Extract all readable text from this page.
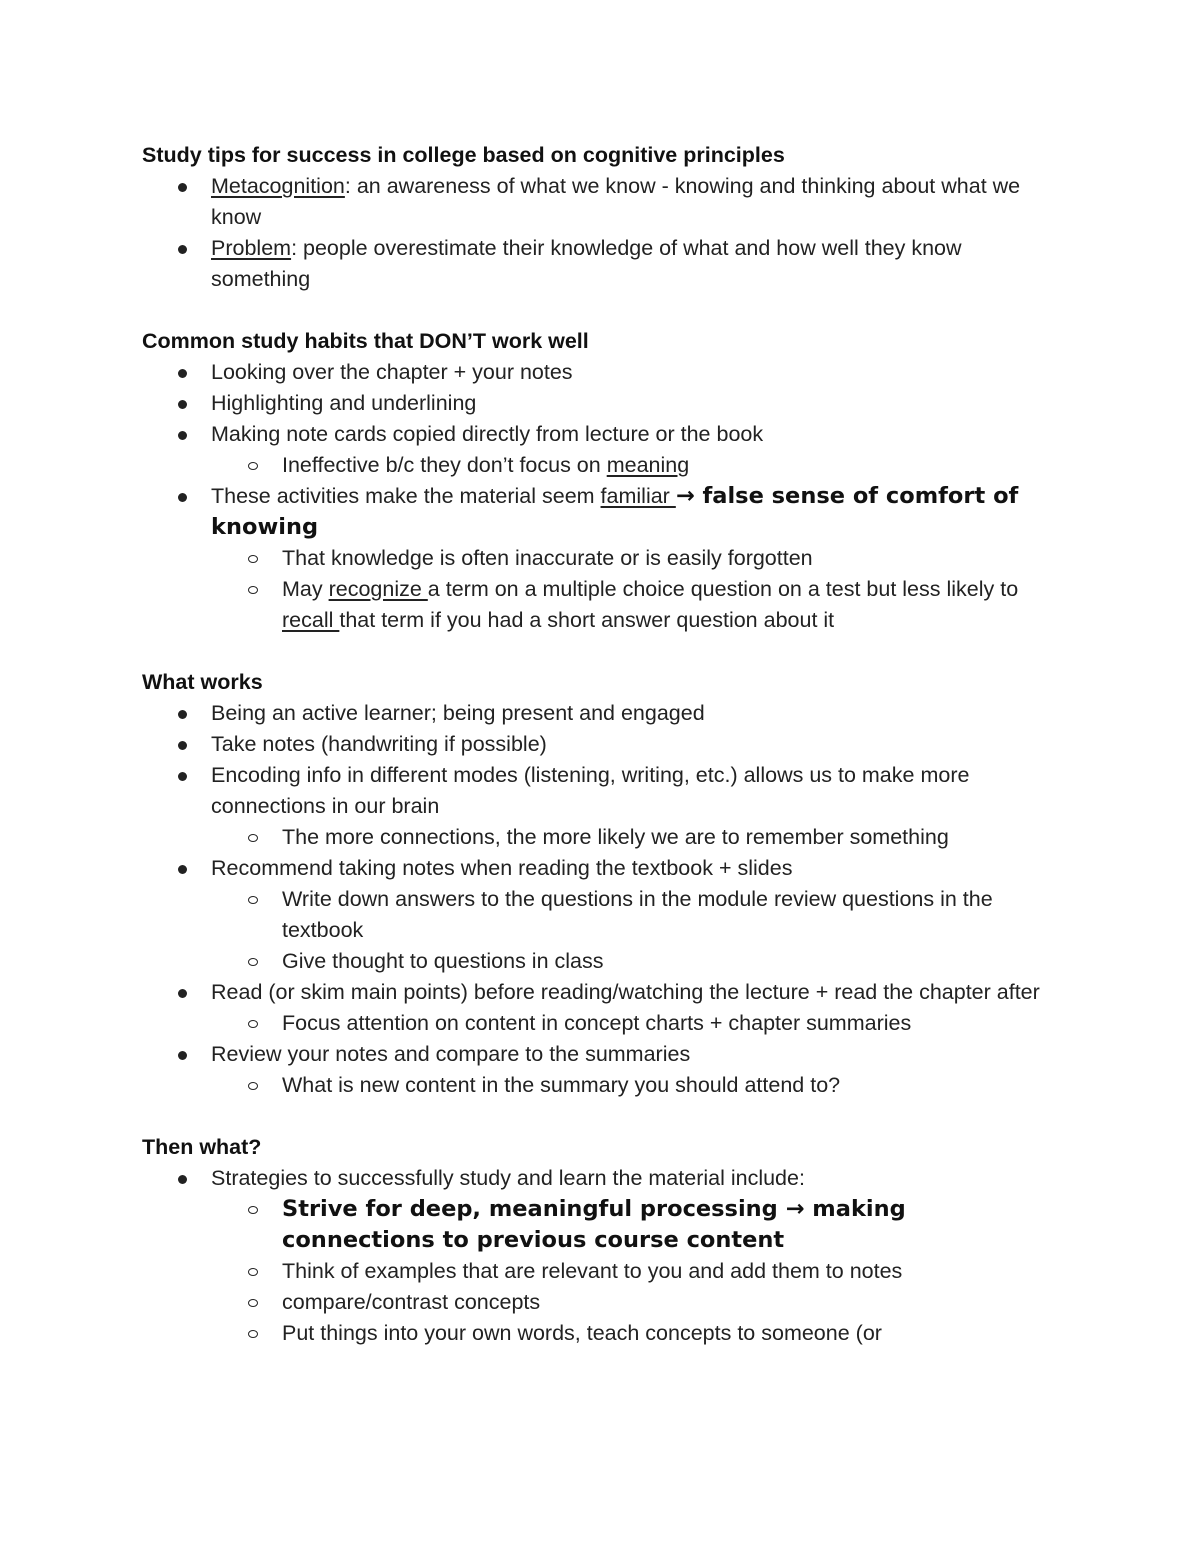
Study tips for success in college based on cognitive principles
Metacognition: an awareness of what we know - knowing and thinking about what we know
Problem: people overestimate their knowledge of what and how well they know something
Common study habits that DON’T work well
Looking over the chapter + your notes
Highlighting and underlining
Making note cards copied directly from lecture or the book
Ineffective b/c they don’t focus on meaning
These activities make the material seem familiar → false sense of comfort of knowing
That knowledge is often inaccurate or is easily forgotten
May recognize a term on a multiple choice question on a test but less likely to recall that term if you had a short answer question about it
What works
Being an active learner; being present and engaged
Take notes (handwriting if possible)
Encoding info in different modes (listening, writing, etc.) allows us to make more connections in our brain
The more connections, the more likely we are to remember something
Recommend taking notes when reading the textbook + slides
Write down answers to the questions in the module review questions in the textbook
Give thought to questions in class
Read (or skim main points) before reading/watching the lecture + read the chapter after
Focus attention on content in concept charts + chapter summaries
Review your notes and compare to the summaries
What is new content in the summary you should attend to?
Then what?
Strategies to successfully study and learn the material include:
Strive for deep, meaningful processing → making connections to previous course content
Think of examples that are relevant to you and add them to notes
compare/contrast concepts
Put things into your own words, teach concepts to someone (or
